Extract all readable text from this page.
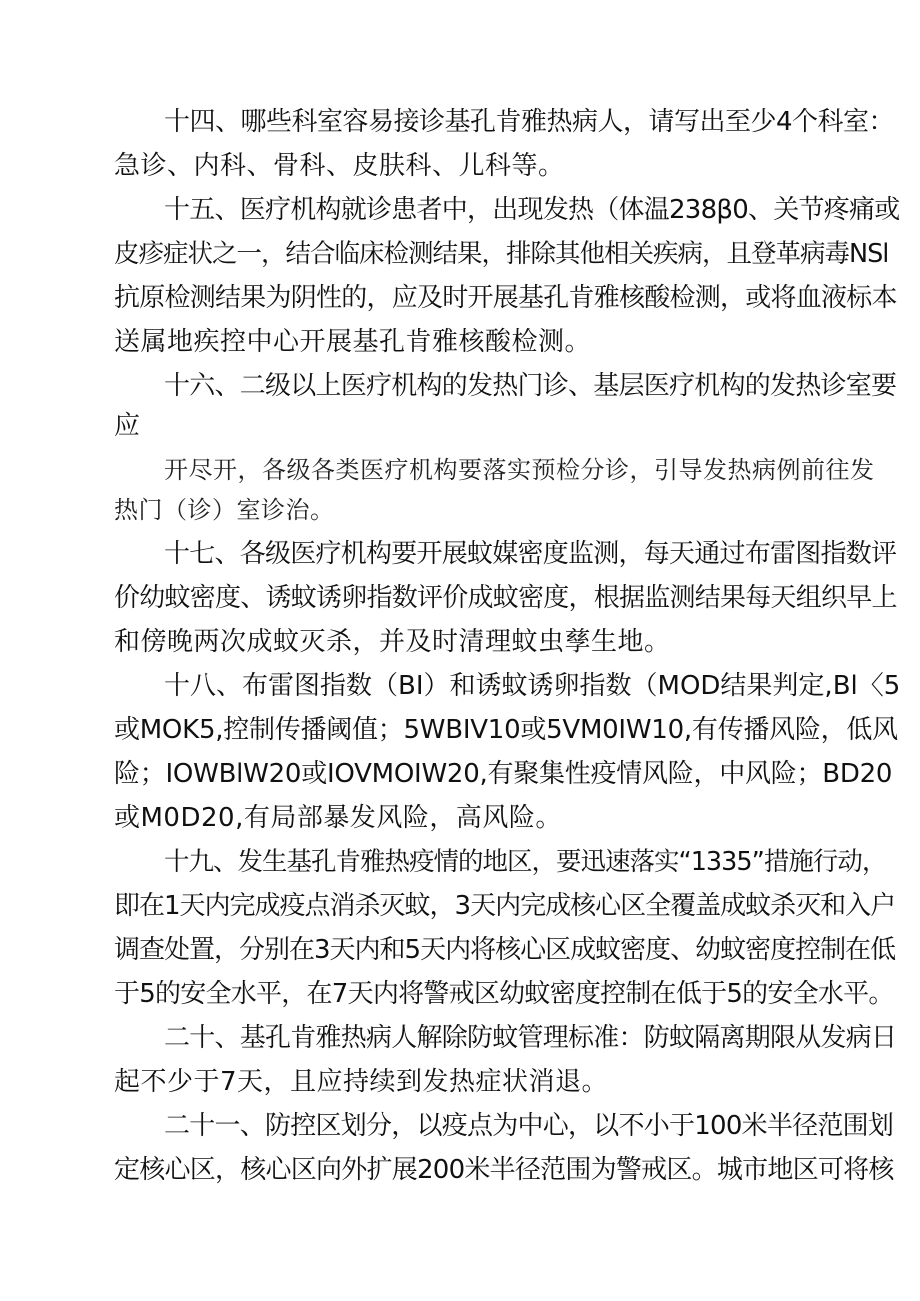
十四、哪些科室容易接诊基孔肯雅热病人，请写出至少4个科室：
急诊、内科、骨科、皮肤科、儿科等。
十五、医疗机构就诊患者中，出现发热（体温238β0、关节疼痛或
皮疹症状之一，结合临床检测结果，排除其他相关疾病，且登革病毒NSl
抗原检测结果为阴性的，应及时开展基孔肯雅核酸检测，或将血液标本
送属地疾控中心开展基孔肯雅核酸检测。
十六、二级以上医疗机构的发热门诊、基层医疗机构的发热诊室要
应
开尽开，各级各类医疗机构要落实预检分诊，引导发热病例前往发
热门（诊）室诊治。
十七、各级医疗机构要开展蚊媒密度监测，每天通过布雷图指数评
价幼蚊密度、诱蚊诱卵指数评价成蚊密度，根据监测结果每天组织早上
和傍晚两次成蚊灭杀，并及时清理蚊虫孳生地。
十八、布雷图指数（BI）和诱蚊诱卵指数（MOD结果判定,Bl〈5
或MOK5,控制传播阈值；5WBIV10或5VM0IW10,有传播风险，低风
险；IOWBlW20或IOVMOIW20,有聚集性疫情风险，中风险；BD20
或M0D20,有局部暴发风险，高风险。
十九、发生基孔肯雅热疫情的地区，要迅速落实“1335”措施行动，
即在1天内完成疫点消杀灭蚊，3天内完成核心区全覆盖成蚊杀灭和入户
调查处置，分别在3天内和5天内将核心区成蚊密度、幼蚊密度控制在低
于5的安全水平，在7天内将警戒区幼蚊密度控制在低于5的安全水平。
二十、基孔肯雅热病人解除防蚊管理标准：防蚊隔离期限从发病日
起不少于7天，且应持续到发热症状消退。
二十一、防控区划分，以疫点为中心，以不小于100米半径范围划
定核心区，核心区向外扩展200米半径范围为警戒区。城市地区可将核
